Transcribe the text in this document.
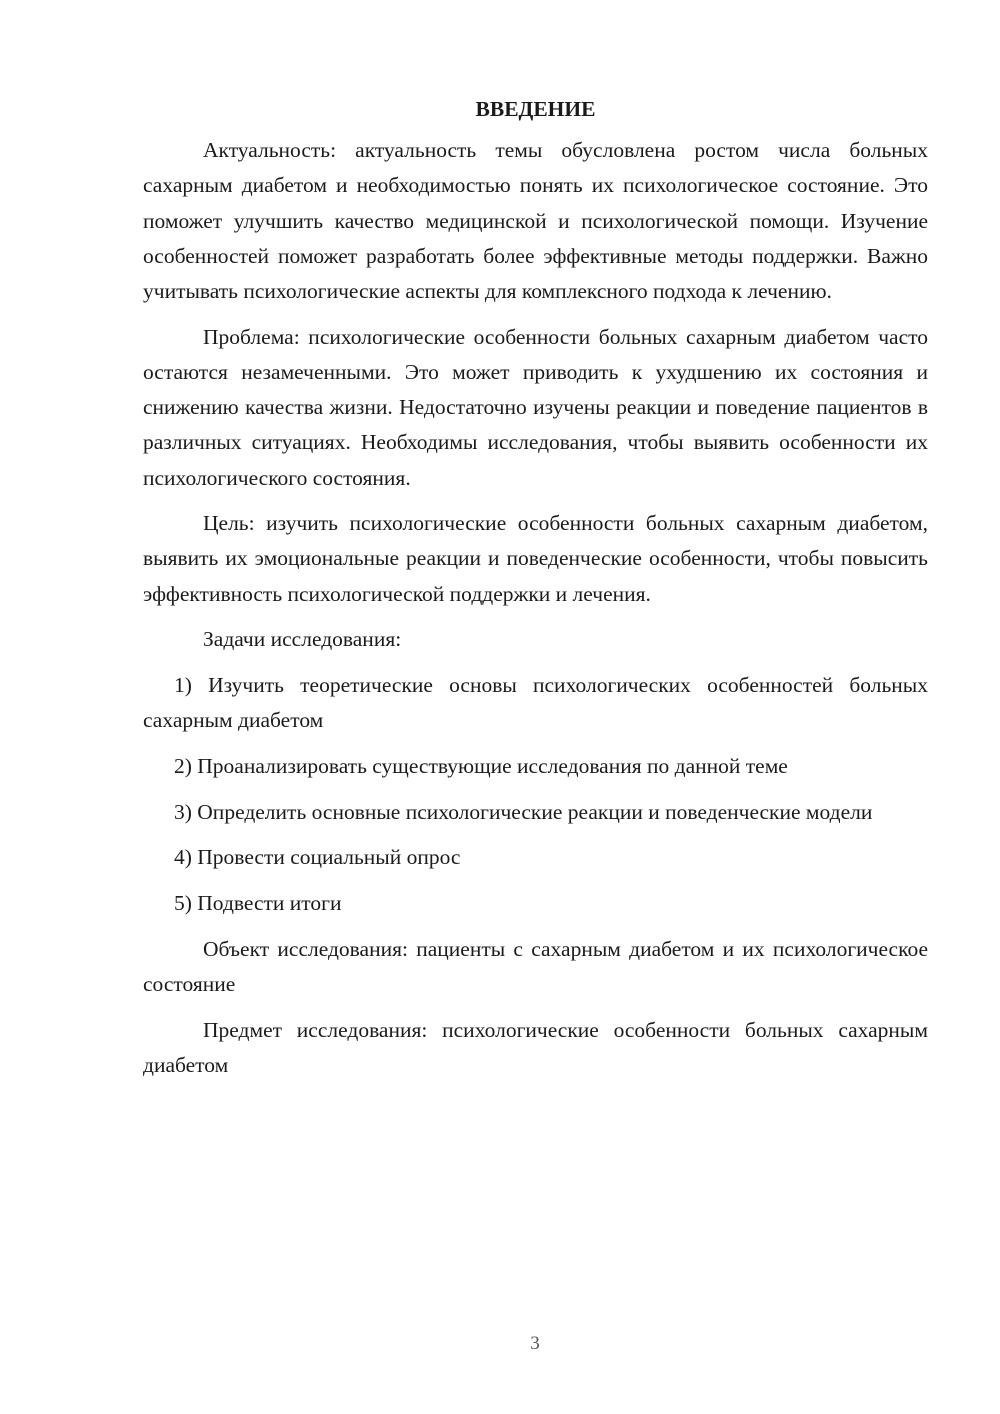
ВВЕДЕНИЕ

Актуальность: актуальность темы обусловлена ростом числа больных сахарным диабетом и необходимостью понять их психологическое состояние. Это поможет улучшить качество медицинской и психологической помощи. Изучение особенностей поможет разработать более эффективные методы поддержки. Важно учитывать психологические аспекты для комплексного подхода к лечению.

Проблема: психологические особенности больных сахарным диабетом часто остаются незамеченными. Это может приводить к ухудшению их состояния и снижению качества жизни. Недостаточно изучены реакции и поведение пациентов в различных ситуациях. Необходимы исследования, чтобы выявить особенности их психологического состояния.

Цель: изучить психологические особенности больных сахарным диабетом, выявить их эмоциональные реакции и поведенческие особенности, чтобы повысить эффективность психологической поддержки и лечения.

Задачи исследования:

1) Изучить теоретические основы психологических особенностей больных сахарным диабетом

2) Проанализировать существующие исследования по данной теме

3) Определить основные психологические реакции и поведенческие модели

4) Провести социальный опрос

5) Подвести итоги

Объект исследования: пациенты с сахарным диабетом и их психологическое состояние

Предмет исследования: психологические особенности больных сахарным диабетом

3
